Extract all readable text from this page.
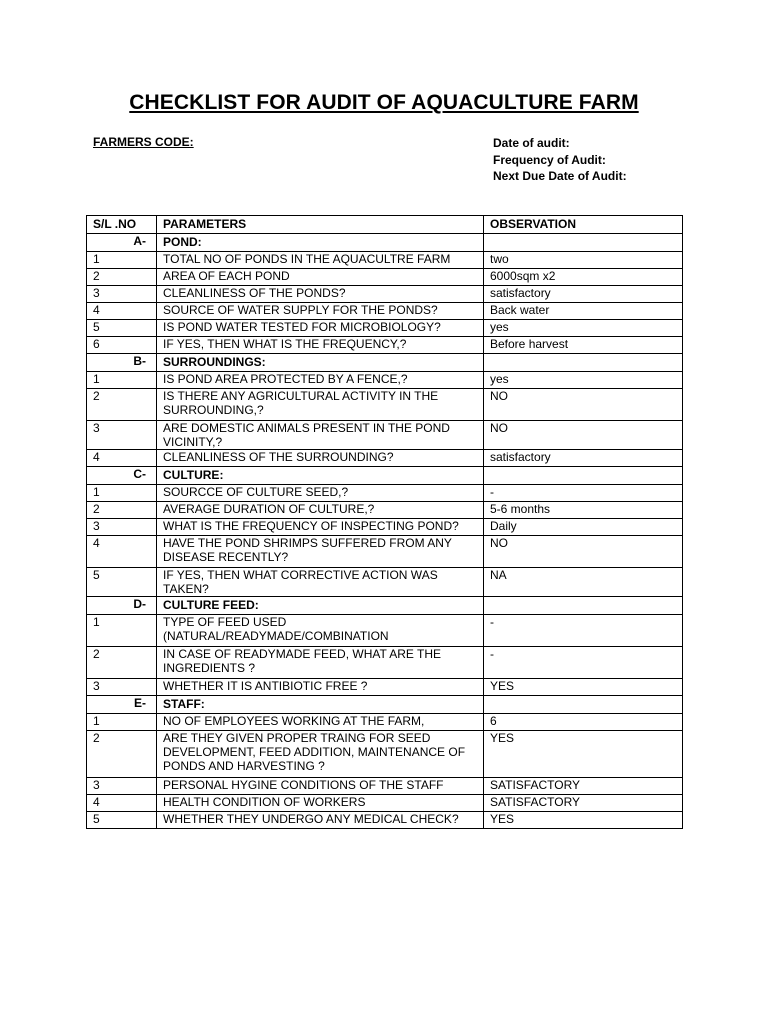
CHECKLIST FOR AUDIT OF AQUACULTURE FARM
FARMERS CODE:	Date of audit:
Frequency of Audit:
Next Due Date of Audit:
S/L .NO	PARAMETERS	OBSERVATION
A-	POND:	
1	TOTAL NO OF PONDS IN THE AQUACULTRE FARM	two
2	AREA OF EACH POND	6000sqm x2
3	CLEANLINESS OF THE PONDS?	satisfactory
4	SOURCE OF WATER SUPPLY FOR THE PONDS?	Back water
5	IS POND WATER TESTED FOR MICROBIOLOGY?	yes
6	IF YES, THEN WHAT IS THE FREQUENCY,?	Before harvest
B-	SURROUNDINGS:	
1	IS POND AREA PROTECTED BY A FENCE,?	yes
2	IS THERE ANY AGRICULTURAL ACTIVITY IN THE SURROUNDING,?	NO
3	ARE DOMESTIC ANIMALS PRESENT IN THE POND VICINITY,?	NO
4	CLEANLINESS OF THE SURROUNDING?	satisfactory
C-	CULTURE:	
1	SOURCCE OF CULTURE SEED,?	-
2	AVERAGE DURATION OF CULTURE,?	5-6 months
3	WHAT IS THE FREQUENCY OF INSPECTING POND?	Daily
4	HAVE THE POND SHRIMPS SUFFERED FROM ANY DISEASE RECENTLY?	NO
5	IF YES, THEN WHAT CORRECTIVE ACTION WAS TAKEN?	NA
D-	CULTURE FEED:	
1	TYPE OF FEED USED (NATURAL/READYMADE/COMBINATION	-
2	IN CASE OF READYMADE FEED, WHAT ARE THE INGREDIENTS ?	-
3	WHETHER IT IS ANTIBIOTIC FREE ?	YES
E-	STAFF:	
1	NO OF EMPLOYEES WORKING AT THE FARM,	6
2	ARE THEY GIVEN PROPER TRAING FOR SEED DEVELOPMENT, FEED ADDITION, MAINTENANCE OF PONDS AND HARVESTING ?	YES
3	PERSONAL HYGINE CONDITIONS OF THE STAFF	SATISFACTORY
4	HEALTH CONDITION OF WORKERS	SATISFACTORY
5	WHETHER THEY UNDERGO ANY MEDICAL CHECK?	YES
